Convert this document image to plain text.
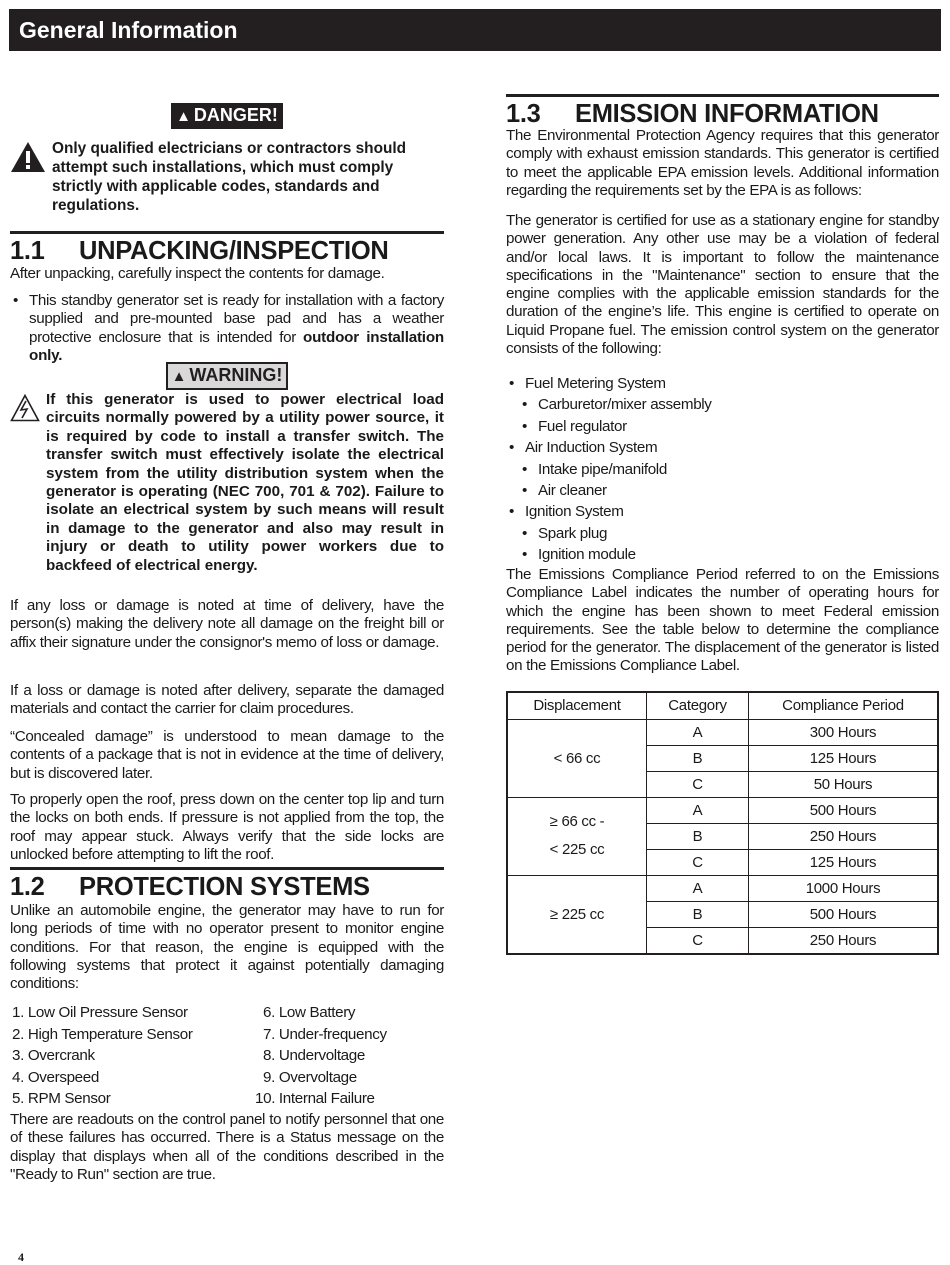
General Information
▲ DANGER!

Only qualified electricians or contractors should attempt such installations, which must comply strictly with applicable codes, standards and regulations.

1.1 UNPACKING/INSPECTION

After unpacking, carefully inspect the contents for damage.

• This standby generator set is ready for installation with a factory supplied and pre-mounted base pad and has a weather protective enclosure that is intended for outdoor installation only.
▲ WARNING!

If this generator is used to power electrical load circuits normally powered by a utility power source, it is required by code to install a transfer switch. The transfer switch must effectively isolate the electrical system from the utility distribution system when the generator is operating (NEC 700, 701 & 702). Failure to isolate an electrical system by such means will result in damage to the generator and also may result in injury or death to utility power workers due to backfeed of electrical energy.

If any loss or damage is noted at time of delivery, have the person(s) making the delivery note all damage on the freight bill or affix their signature under the consignor's memo of loss or damage.

If a loss or damage is noted after delivery, separate the damaged materials and contact the carrier for claim procedures.

“Concealed damage” is understood to mean damage to the contents of a package that is not in evidence at the time of delivery, but is discovered later.

To properly open the roof, press down on the center top lip and turn the locks on both ends. If pressure is not applied from the top, the roof may appear stuck. Always verify that the side locks are unlocked before attempting to lift the roof.

1.2 PROTECTION SYSTEMS

Unlike an automobile engine, the generator may have to run for long periods of time with no operator present to monitor engine conditions. For that reason, the engine is equipped with the following systems that protect it against potentially damaging conditions:

1. Low Oil Pressure Sensor
2. High Temperature Sensor
3. Overcrank
4. Overspeed
5. RPM Sensor
6. Low Battery
7. Under-frequency
8. Undervoltage
9. Overvoltage
10. Internal Failure

There are readouts on the control panel to notify personnel that one of these failures has occurred. There is a Status message on the display that displays when all of the conditions described in the "Ready to Run" section are true.

1.3 EMISSION INFORMATION

The Environmental Protection Agency requires that this generator comply with exhaust emission standards. This generator is certified to meet the applicable EPA emission levels. Additional information regarding the requirements set by the EPA is as follows:

The generator is certified for use as a stationary engine for standby power generation. Any other use may be a violation of federal and/or local laws. It is important to follow the maintenance specifications in the "Maintenance" section to ensure that the engine complies with the applicable emission standards for the duration of the engine’s life. This engine is certified to operate on Liquid Propane fuel. The emission control system on the generator consists of the following:

• Fuel Metering System
• Carburetor/mixer assembly
• Fuel regulator
• Air Induction System
• Intake pipe/manifold
• Air cleaner
• Ignition System
• Spark plug
• Ignition module

The Emissions Compliance Period referred to on the Emissions Compliance Label indicates the number of operating hours for which the engine has been shown to meet Federal emission requirements. See the table below to determine the compliance period for the generator. The displacement of the generator is listed on the Emissions Compliance Label.

Displacement	Category	Compliance Period
< 66 cc	A	300 Hours
	B	125 Hours
	C	50 Hours

≥ 66 cc -
< 225 cc	A	500 Hours
	B	250 Hours
	C	125 Hours
≥ 225 cc	A	1000 Hours
	B	500 Hours
	C	250 Hours
4
